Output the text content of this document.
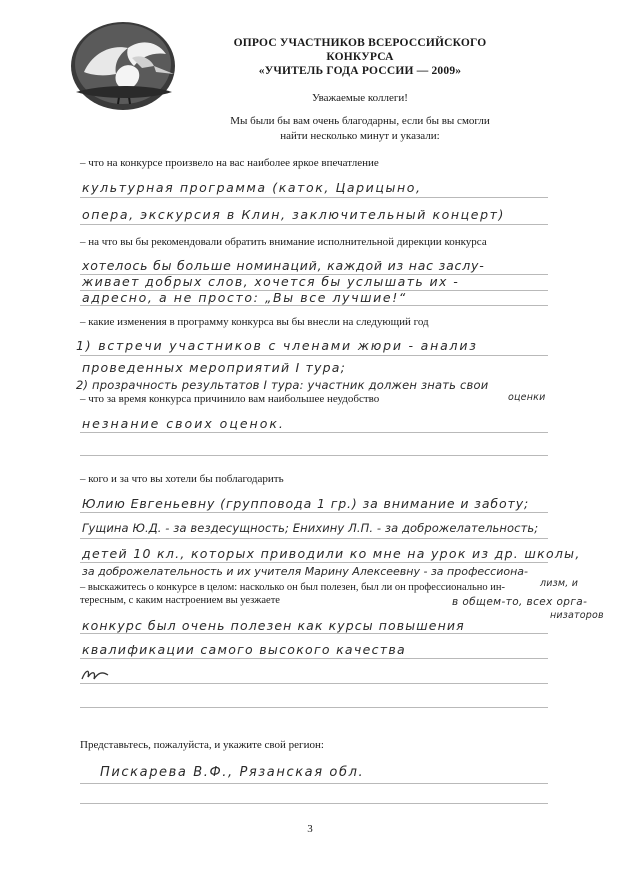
ОПРОС УЧАСТНИКОВ ВСЕРОССИЙСКОГО КОНКУРСА
«УЧИТЕЛЬ ГОДА РОССИИ — 2009»
Уважаемые коллеги!
Мы были бы вам очень благодарны, если бы вы смогли
найти несколько минут и указали:
– что на конкурсе произвело на вас наиболее яркое впечатление
культурная программа (каток, Царицыно,
опера, экскурсия в Клин, заключительный концерт)
– на что вы бы рекомендовали обратить внимание исполнительной дирекции конкурса
хотелось бы больше номинаций, каждой из нас заслу-
живает добрых слов, хочется бы услышать их -
адресно, а не просто: „Вы все лучшие!“
– какие изменения в программу конкурса вы бы внесли на следующий год
1) встречи участников с членами жюри - анализ
проведенных мероприятий I тура;
2) прозрачность результатов I тура: участник должен знать свои
оценки
– что за время конкурса причинило вам наибольшее неудобство
незнание своих оценок.
– кого и за что вы хотели бы поблагодарить
Юлию Евгеньевну (групповода 1 гр.) за внимание и заботу;
Гущина Ю.Д. - за вездесущность; Енихину Л.П. - за доброжелательность;
детей 10 кл., которых приводили ко мне на урок из др. школы,
за доброжелательность и их учителя Марину Алексеевну - за профессиона-
– выскажитесь о конкурсе в целом: насколько он был полезен, был ли он профессионально ин-
тересным, с каким настроением вы уезжаете
лизм, и
в общем-то, всех орга-
низаторов
конкурс был очень полезен как курсы повышения
квалификации самого высокого качества
Представьтесь, пожалуйста, и укажите свой регион:
Пискарева В.Ф., Рязанская обл.
3
